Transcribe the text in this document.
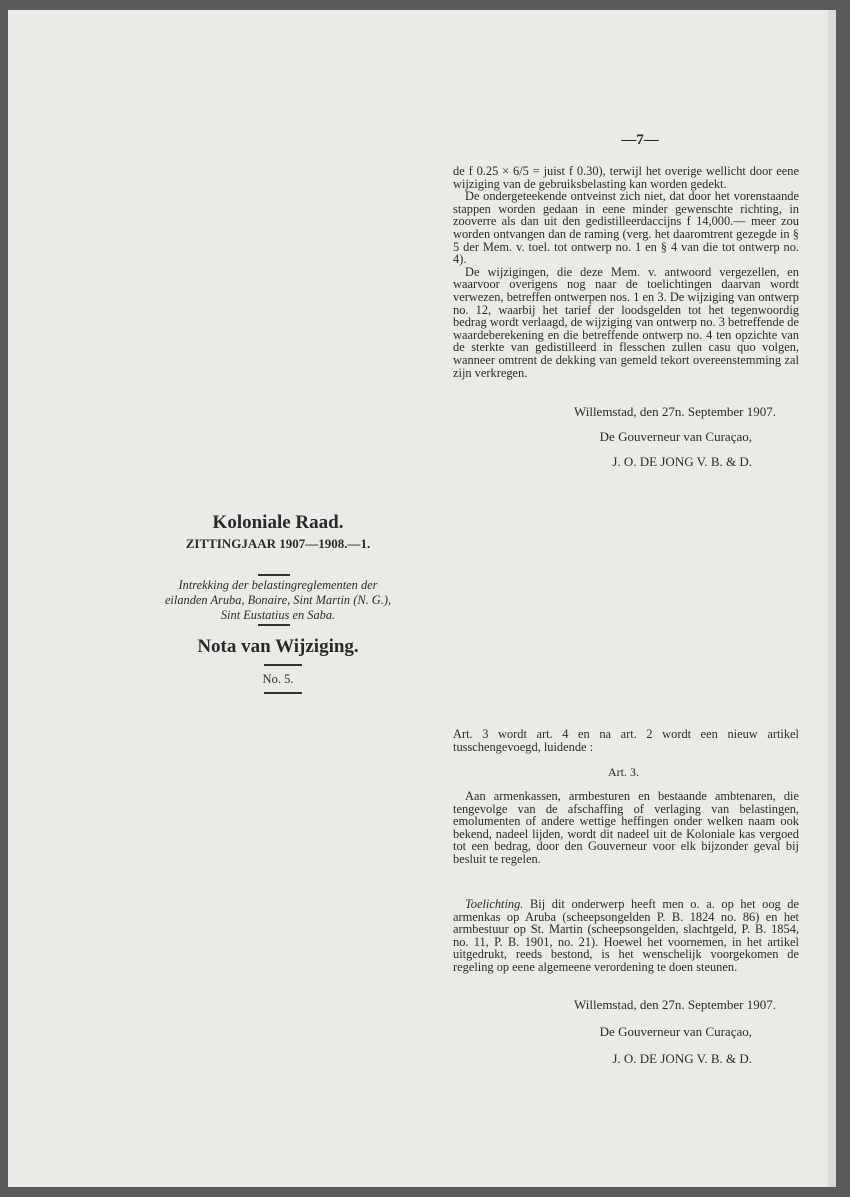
—7—

de f 0.25 × 6/5 = juist f 0.30), terwijl het overige wellicht door eene wijziging van de gebruiksbelasting kan worden gedekt.

De ondergeteekende ontveinst zich niet, dat door het vorenstaande stappen worden gedaan in eene minder gewenschte richting, in zooverre als dan uit den gedistilleerdaccijns f 14,000.— meer zou worden ontvangen dan de raming (verg. het daaromtrent gezegde in § 5 der Mem. v. toel. tot ontwerp no. 1 en § 4 van die tot ontwerp no. 4).

De wijzigingen, die deze Mem. v. antwoord vergezellen, en waarvoor overigens nog naar de toelichtingen daarvan wordt verwezen, betreffen ontwerpen nos. 1 en 3. De wijziging van ontwerp no. 12, waarbij het tarief der loodsgelden tot het tegenwoordig bedrag wordt verlaagd, de wijziging van ontwerp no. 3 betreffende de waardeberekening en die betreffende ontwerp no. 4 ten opzichte van de sterkte van gedistilleerd in flesschen zullen casu quo volgen, wanneer omtrent de dekking van gemeld tekort overeenstemming zal zijn verkregen.

Willemstad, den 27n. September 1907.
De Gouverneur van Curaçao,
J. O. DE JONG V. B. & D.
Koloniale Raad.
ZITTINGJAAR 1907—1908.—1.
Intrekking der belastingreglementen der eilanden Aruba, Bonaire, Sint Martin (N. G.), Sint Eustatius en Saba.
Nota van Wijziging.
No. 5.
Art. 3 wordt art. 4 en na art. 2 wordt een nieuw artikel tusschengevoegd, luidende :
Art. 3.
Aan armenkassen, armbesturen en bestaande ambtenaren, die tengevolge van de afschaffing of verlaging van belastingen, emolumenten of andere wettige heffingen onder welken naam ook bekend, nadeel lijden, wordt dit nadeel uit de Koloniale kas vergoed tot een bedrag, door den Gouverneur voor elk bijzonder geval bij besluit te regelen.
Toelichting. Bij dit onderwerp heeft men o. a. op het oog de armenkas op Aruba (scheepsongelden P. B. 1824 no. 86) en het armbestuur op St. Martin (scheepsongelden, slachtgeld, P. B. 1854, no. 11, P. B. 1901, no. 21). Hoewel het voornemen, in het artikel uitgedrukt, reeds bestond, is het wenschelijk voorgekomen de regeling op eene algemeene verordening te doen steunen.
Willemstad, den 27n. September 1907.
De Gouverneur van Curaçao,
J. O. DE JONG V. B. & D.
